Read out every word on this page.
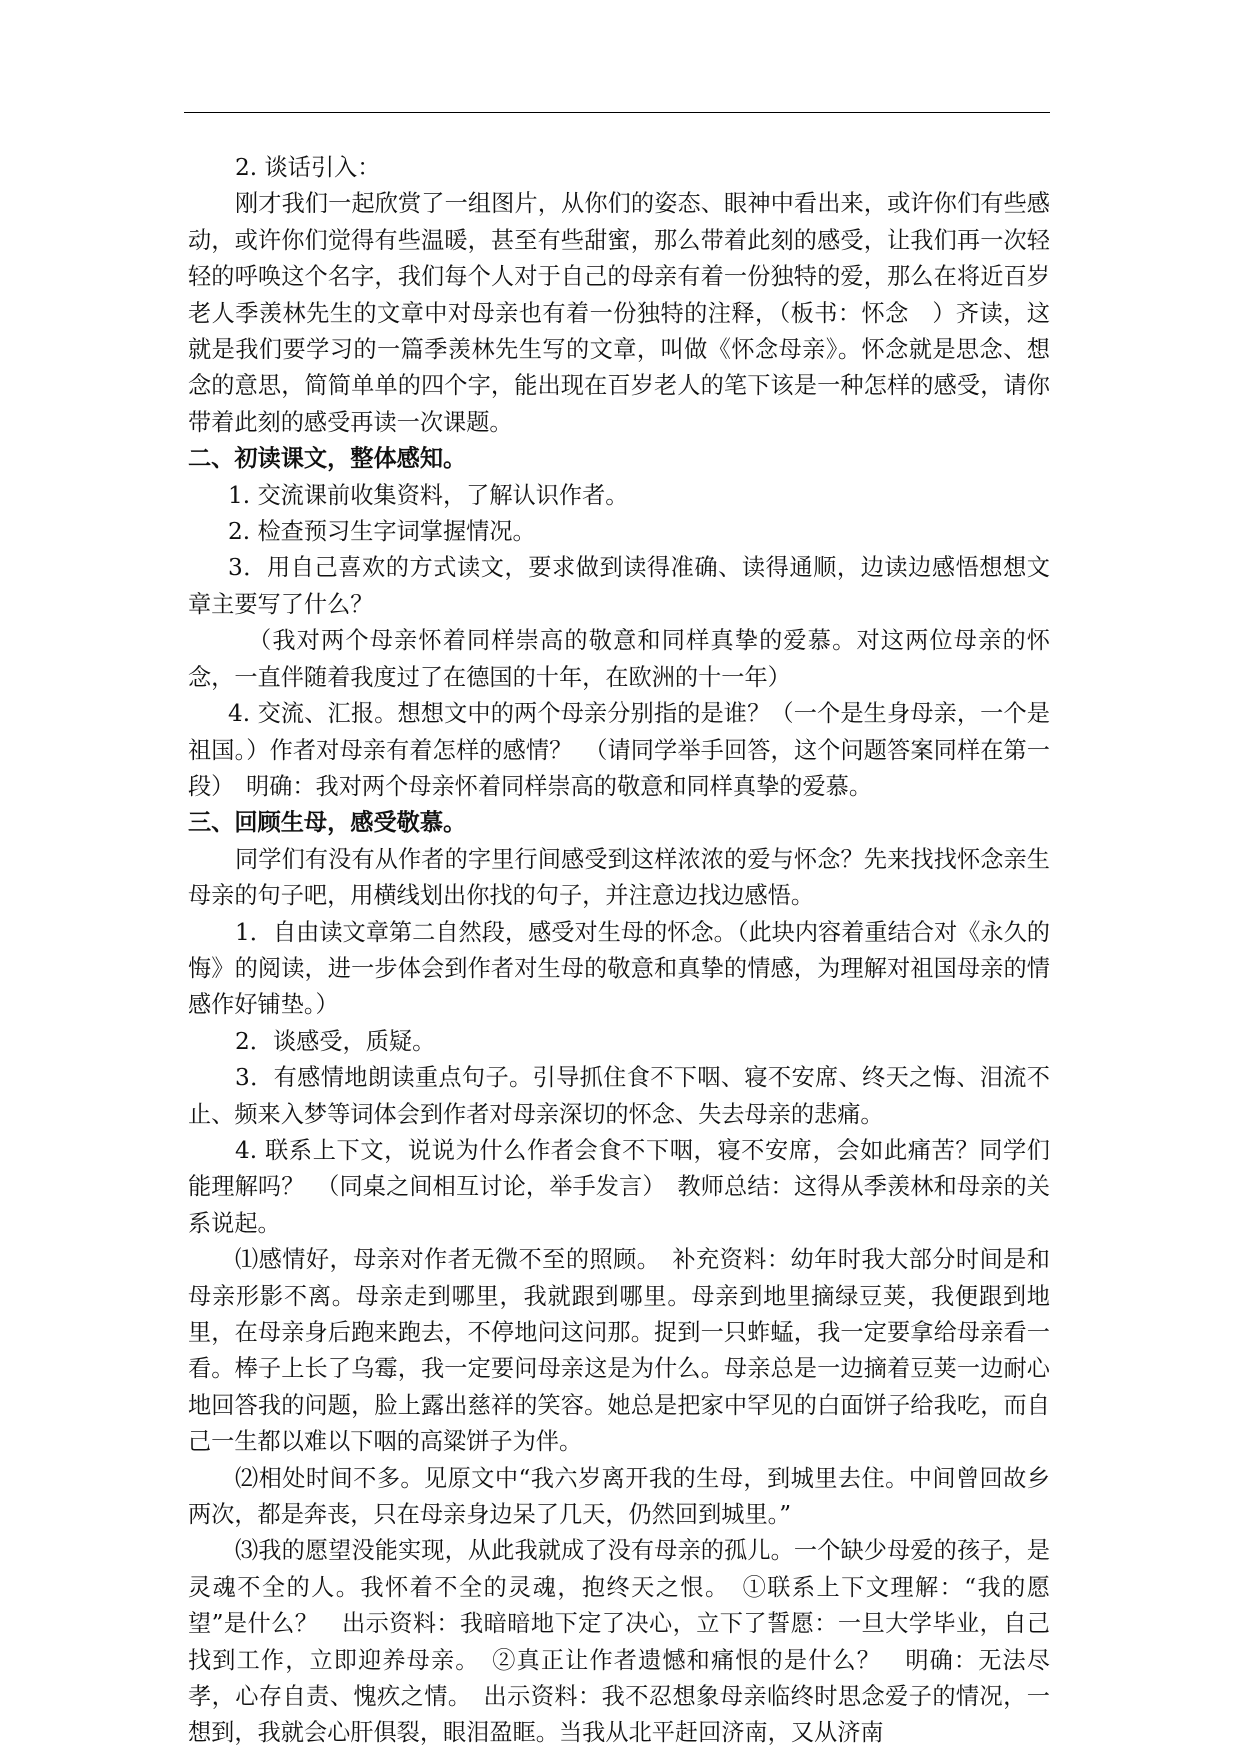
2. 谈话引入：

刚才我们一起欣赏了一组图片，从你们的姿态、眼神中看出来，或许你们有些感动，或许你们觉得有些温暖，甚至有些甜蜜，那么带着此刻的感受，让我们再一次轻轻的呼唤这个名字，我们每个人对于自己的母亲有着一份独特的爱，那么在将近百岁老人季羡林先生的文章中对母亲也有着一份独特的注释，（板书：怀念　）齐读，这就是我们要学习的一篇季羡林先生写的文章，叫做《怀念母亲》。怀念就是思念、想念的意思，简简单单的四个字，能出现在百岁老人的笔下该是一种怎样的感受，请你带着此刻的感受再读一次课题。

二、初读课文，整体感知。

1. 交流课前收集资料，了解认识作者。

2. 检查预习生字词掌握情况。

3．用自己喜欢的方式读文，要求做到读得准确、读得通顺，边读边感悟想想文章主要写了什么？

（我对两个母亲怀着同样崇高的敬意和同样真挚的爱慕。对这两位母亲的怀念，一直伴随着我度过了在德国的十年，在欧洲的十一年）

4. 交流、汇报。想想文中的两个母亲分别指的是谁？（一个是生身母亲，一个是祖国。）作者对母亲有着怎样的感情？　（请同学举手回答，这个问题答案同样在第一段）　明确：我对两个母亲怀着同样崇高的敬意和同样真挚的爱慕。

三、回顾生母，感受敬慕。

同学们有没有从作者的字里行间感受到这样浓浓的爱与怀念？先来找找怀念亲生母亲的句子吧，用横线划出你找的句子，并注意边找边感悟。

1．自由读文章第二自然段，感受对生母的怀念。（此块内容着重结合对《永久的悔》的阅读，进一步体会到作者对生母的敬意和真挚的情感，为理解对祖国母亲的情感作好铺垫。）

2．谈感受，质疑。

3．有感情地朗读重点句子。引导抓住食不下咽、寝不安席、终天之悔、泪流不止、频来入梦等词体会到作者对母亲深切的怀念、失去母亲的悲痛。

4. 联系上下文，说说为什么作者会食不下咽，寝不安席，会如此痛苦？同学们能理解吗？　（同桌之间相互讨论，举手发言）　教师总结：这得从季羡林和母亲的关系说起。

⑴感情好，母亲对作者无微不至的照顾。　补充资料：幼年时我大部分时间是和母亲形影不离。母亲走到哪里，我就跟到哪里。母亲到地里摘绿豆荚，我便跟到地里，在母亲身后跑来跑去，不停地问这问那。捉到一只蚱蜢，我一定要拿给母亲看一看。棒子上长了乌霉，我一定要问母亲这是为什么。母亲总是一边摘着豆荚一边耐心地回答我的问题，脸上露出慈祥的笑容。她总是把家中罕见的白面饼子给我吃，而自己一生都以难以下咽的高粱饼子为伴。

⑵相处时间不多。见原文中“我六岁离开我的生母，到城里去住。中间曾回故乡两次，都是奔丧，只在母亲身边呆了几天，仍然回到城里。”

⑶我的愿望没能实现，从此我就成了没有母亲的孤儿。一个缺少母爱的孩子，是灵魂不全的人。我怀着不全的灵魂，抱终天之恨。　①联系上下文理解：“我的愿望”是什么？　出示资料：我暗暗地下定了决心，立下了誓愿：一旦大学毕业，自己找到工作，立即迎养母亲。　②真正让作者遗憾和痛恨的是什么？　明确：无法尽孝，心存自责、愧疚之情。　出示资料：我不忍想象母亲临终时思念爱子的情况，一想到，我就会心肝俱裂，眼泪盈眶。当我从北平赶回济南，又从济南
